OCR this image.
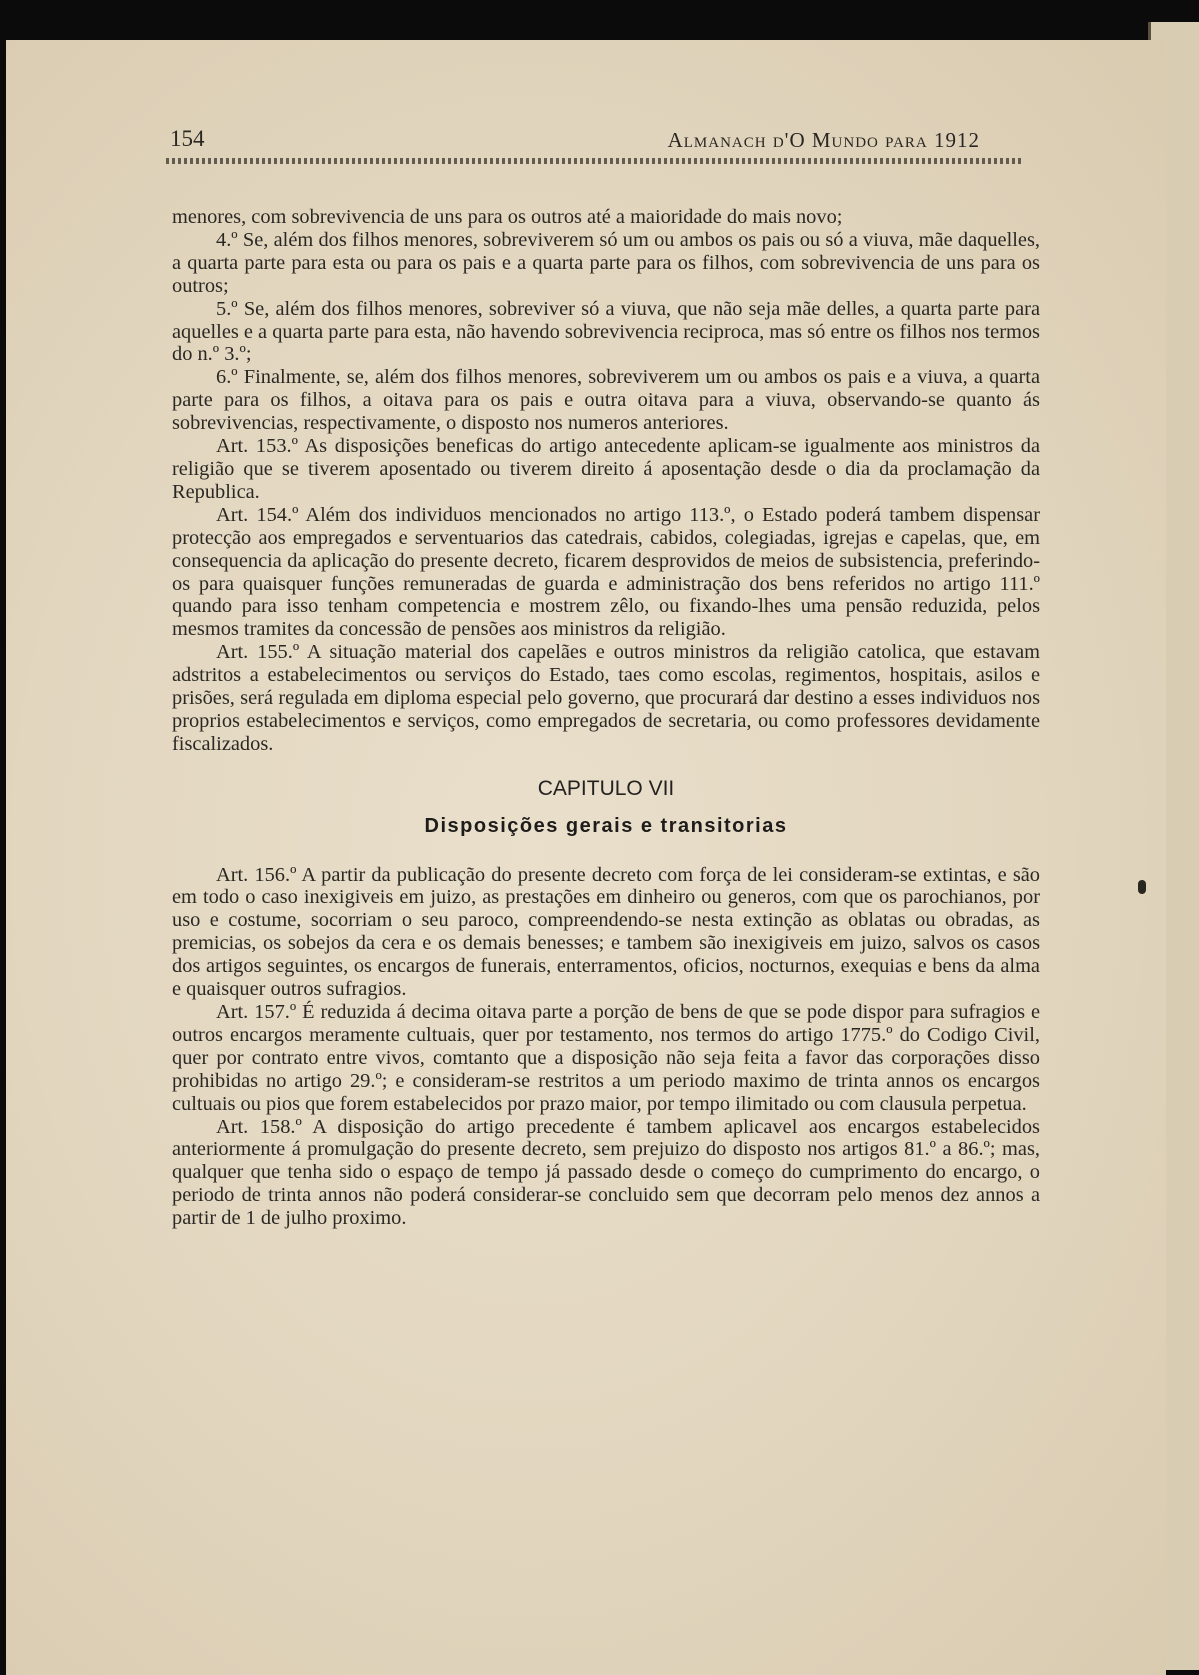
154	Almanach d'O Mundo para 1912

menores, com sobrevivencia de uns para os outros até a maioridade do mais novo;

4.º Se, além dos filhos menores, sobreviverem só um ou ambos os pais ou só a viuva, mãe daquelles, a quarta parte para esta ou para os pais e a quarta parte para os filhos, com sobrevivencia de uns para os outros;

5.º Se, além dos filhos menores, sobreviver só a viuva, que não seja mãe delles, a quarta parte para aquelles e a quarta parte para esta, não havendo sobrevivencia reciproca, mas só entre os filhos nos termos do n.º 3.º;

6.º Finalmente, se, além dos filhos menores, sobreviverem um ou ambos os pais e a viuva, a quarta parte para os filhos, a oitava para os pais e outra oitava para a viuva, observando-se quanto ás sobrevivencias, respectivamente, o disposto nos numeros anteriores.

Art. 153.º As disposições beneficas do artigo antecedente aplicam-se igualmente aos ministros da religião que se tiverem aposentado ou tiverem direito á aposentação desde o dia da proclamação da Republica.

Art. 154.º Além dos individuos mencionados no artigo 113.º, o Estado poderá tambem dispensar protecção aos empregados e serventuarios das catedrais, cabidos, colegiadas, igrejas e capelas, que, em consequencia da aplicação do presente decreto, ficarem desprovidos de meios de subsistencia, preferindo-os para quaisquer funções remuneradas de guarda e administração dos bens referidos no artigo 111.º quando para isso tenham competencia e mostrem zêlo, ou fixando-lhes uma pensão reduzida, pelos mesmos tramites da concessão de pensões aos ministros da religião.

Art. 155.º A situação material dos capelães e outros ministros da religião catolica, que estavam adstritos a estabelecimentos ou serviços do Estado, taes como escolas, regimentos, hospitais, asilos e prisões, será regulada em diploma especial pelo governo, que procurará dar destino a esses individuos nos proprios estabelecimentos e serviços, como empregados de secretaria, ou como professores devidamente fiscalizados.

CAPITULO VII
Disposições gerais e transitorias

Art. 156.º A partir da publicação do presente decreto com força de lei consideram-se extintas, e são em todo o caso inexigiveis em juizo, as prestações em dinheiro ou generos, com que os parochianos, por uso e costume, socorriam o seu paroco, compreendendo-se nesta extinção as oblatas ou obradas, as premicias, os sobejos da cera e os demais benesses; e tambem são inexigiveis em juizo, salvos os casos dos artigos seguintes, os encargos de funerais, enterramentos, oficios, nocturnos, exequias e bens da alma e quaisquer outros sufragios.

Art. 157.º É reduzida á decima oitava parte a porção de bens de que se pode dispor para sufragios e outros encargos meramente cultuais, quer por testamento, nos termos do artigo 1775.º do Codigo Civil, quer por contrato entre vivos, comtanto que a disposição não seja feita a favor das corporações disso prohibidas no artigo 29.º; e consideram-se restritos a um periodo maximo de trinta annos os encargos cultuais ou pios que forem estabelecidos por prazo maior, por tempo ilimitado ou com clausula perpetua.

Art. 158.º A disposição do artigo precedente é tambem aplicavel aos encargos estabelecidos anteriormente á promulgação do presente decreto, sem prejuizo do disposto nos artigos 81.º a 86.º; mas, qualquer que tenha sido o espaço de tempo já passado desde o começo do cumprimento do encargo, o periodo de trinta annos não poderá considerar-se concluido sem que decorram pelo menos dez annos a partir de 1 de julho proximo.
